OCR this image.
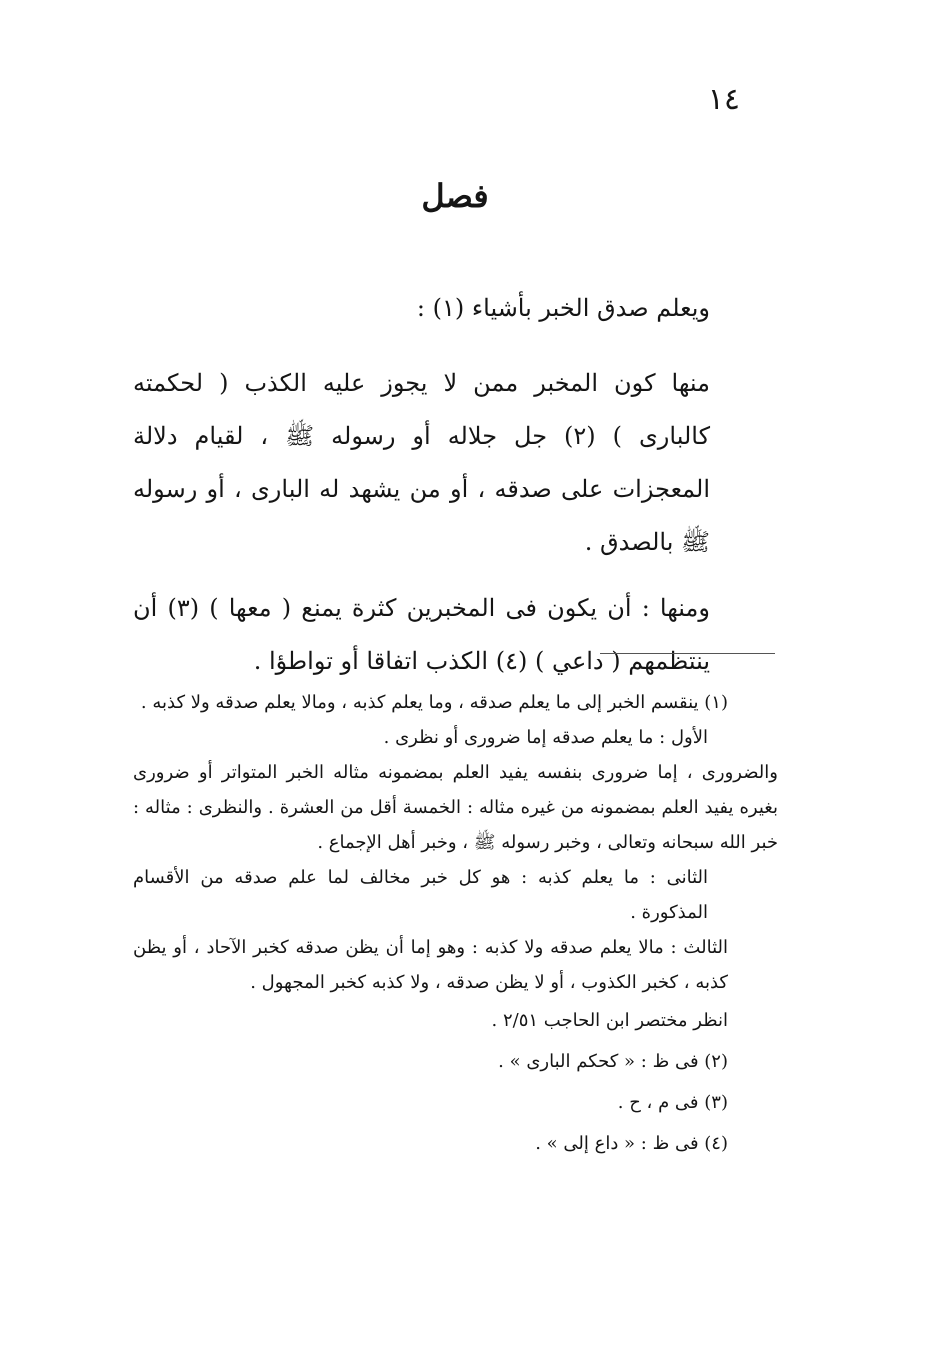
١٤
فصل

ويعلم صدق الخبر بأشياء (١) :

منها كون المخبر ممن لا يجوز عليه الكذب ( لحكمته كالبارى ) (٢) جل جلاله أو رسوله ﷺ ، لقيام دلالة المعجزات على صدقه ، أو من يشهد له البارى ، أو رسوله ﷺ بالصدق .

ومنها : أن يكون فى المخبرين كثرة يمنع ( معها ) (٣) أن ينتظمهم ( داعي ) (٤) الكذب اتفاقا أو تواطؤا .

(١) ينقسم الخبر إلى ما يعلم صدقه ، وما يعلم كذبه ، ومالا يعلم صدقه ولا كذبه .

الأول : ما يعلم صدقه إما ضرورى أو نظرى .

والضرورى ، إما ضرورى بنفسه يفيد العلم بمضمونه مثاله الخبر المتواتر أو ضرورى بغيره يفيد العلم بمضمونه من غيره مثاله : الخمسة أقل من العشرة . والنظرى : مثاله : خبر الله سبحانه وتعالى ، وخبر رسوله ﷺ ، وخبر أهل الإجماع .

الثانى : ما يعلم كذبه : هو كل خبر مخالف لما علم صدقه من الأقسام المذكورة .

الثالث : مالا يعلم صدقه ولا كذبه : وهو إما أن يظن صدقه كخبر الآحاد ، أو يظن كذبه ، كخبر الكذوب ، أو لا يظن صدقه ، ولا كذبه كخبر المجهول .

انظر مختصر ابن الحاجب ٢/٥١ .

(٢) فى ظ : « كحكم البارى » .

(٣) فى م ، ح .

(٤) فى ظ : « داع إلى » .
